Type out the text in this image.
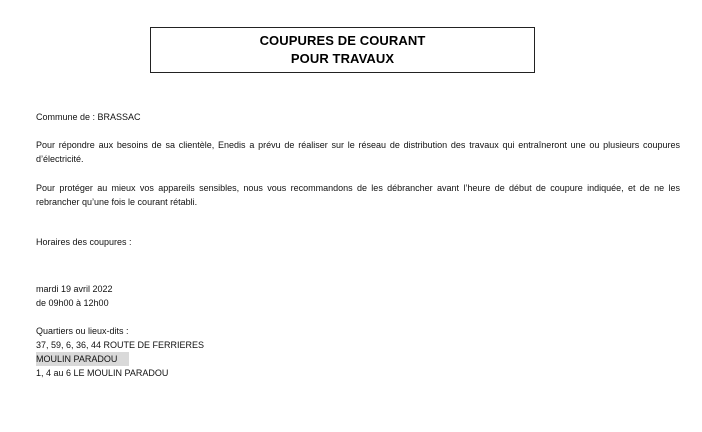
COUPURES DE COURANT
POUR TRAVAUX
Commune de : BRASSAC
Pour répondre aux besoins de sa clientèle, Enedis a prévu de réaliser sur le réseau de distribution des travaux qui entraîneront une ou plusieurs coupures d’électricité.
Pour protéger au mieux vos appareils sensibles, nous vous recommandons de les débrancher avant l’heure de début de coupure indiquée, et de ne les rebrancher qu’une fois le courant rétabli.
Horaires des coupures :
mardi 19 avril 2022
de 09h00 à 12h00
Quartiers ou lieux-dits :
37, 59, 6, 36, 44 ROUTE DE FERRIERES
MOULIN PARADOU
1, 4 au 6 LE MOULIN PARADOU
